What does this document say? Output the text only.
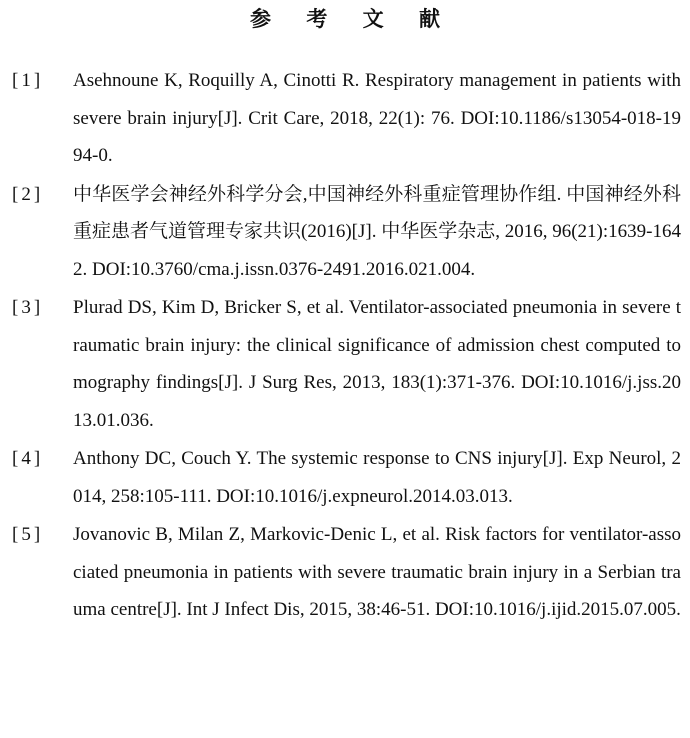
参 考 文 献
[1] Asehnoune K, Roquilly A, Cinotti R. Respiratory management in patients with severe brain injury[J]. Crit Care, 2018, 22(1): 76. DOI:10.1186/s13054-018-1994-0.
[2] 中华医学会神经外科学分会,中国神经外科重症管理协作组. 中国神经外科重症患者气道管理专家共识(2016)[J]. 中华医学杂志, 2016, 96(21):1639-1642. DOI:10.3760/cma.j.issn.0376-2491.2016.021.004.
[3] Plurad DS, Kim D, Bricker S, et al. Ventilator-associated pneumonia in severe traumatic brain injury: the clinical significance of admission chest computed tomography findings[J]. J Surg Res, 2013, 183(1):371-376. DOI:10.1016/j.jss.2013.01.036.
[4] Anthony DC, Couch Y. The systemic response to CNS injury[J]. Exp Neurol, 2014, 258:105-111. DOI:10.1016/j.expneurol.2014.03.013.
[5] Jovanovic B, Milan Z, Markovic-Denic L, et al. Risk factors for ventilator-associated pneumonia in patients with severe traumatic brain injury in a Serbian trauma centre[J]. Int J Infect Dis, 2015, 38:46-51. DOI:10.1016/j.ijid.2015.07.005.
